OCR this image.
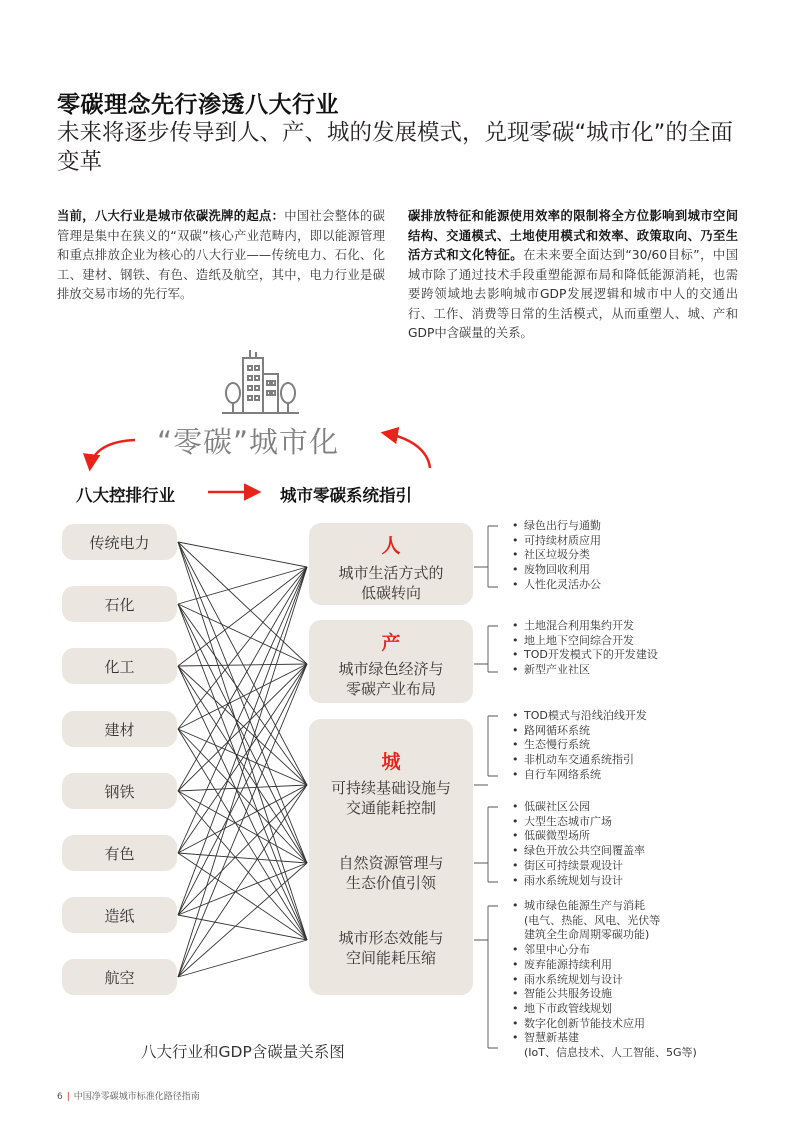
零碳理念先行渗透八大行业
未来将逐步传导到人、产、城的发展模式，兑现零碳“城市化”的全面变革
当前，八大行业是城市依碳洗牌的起点：中国社会整体的碳管理是集中在狭义的“双碳”核心产业范畴内，即以能源管理和重点排放企业为核心的八大行业——传统电力、石化、化工、建材、钢铁、有色、造纸及航空，其中，电力行业是碳排放交易市场的先行军。
碳排放特征和能源使用效率的限制将全方位影响到城市空间结构、交通模式、土地使用模式和效率、政策取向、乃至生活方式和文化特征。在未来要全面达到“30/60目标”，中国城市除了通过技术手段重塑能源布局和降低能源消耗，也需要跨领域地去影响城市GDP发展逻辑和城市中人的交通出行、工作、消费等日常的生活模式，从而重塑人、城、产和GDP中含碳量的关系。
“零碳”城市化
八大控排行业	城市零碳系统指引
传统电力
石化
化工
建材
钢铁
有色
造纸
航空
人
城市生活方式的
低碳转向
产
城市绿色经济与
零碳产业布局
城
可持续基础设施与
交通能耗控制
自然资源管理与
生态价值引领
城市形态效能与
空间能耗压缩
• 绿色出行与通勤
• 可持续材质应用
• 社区垃圾分类
• 废物回收利用
• 人性化灵活办公
• 土地混合利用集约开发
• 地上地下空间综合开发
• TOD开发模式下的开发建设
• 新型产业社区
• TOD模式与沿线泊线开发
• 路网循环系统
• 生态慢行系统
• 非机动车交通系统指引
• 自行车网络系统
• 低碳社区公园
• 大型生态城市广场
• 低碳微型场所
• 绿色开放公共空间覆盖率
• 街区可持续景观设计
• 雨水系统规划与设计
• 城市绿色能源生产与消耗
(电气、热能、风电、光伏等
建筑全生命周期零碳功能)
• 邻里中心分布
• 废弃能源持续利用
• 雨水系统规划与设计
• 智能公共服务设施
• 地下市政管线规划
• 数字化创新节能技术应用
• 智慧新基建
(IoT、信息技术、人工智能、5G等)
八大行业和GDP含碳量关系图
6 | 中国净零碳城市标准化路径指南
